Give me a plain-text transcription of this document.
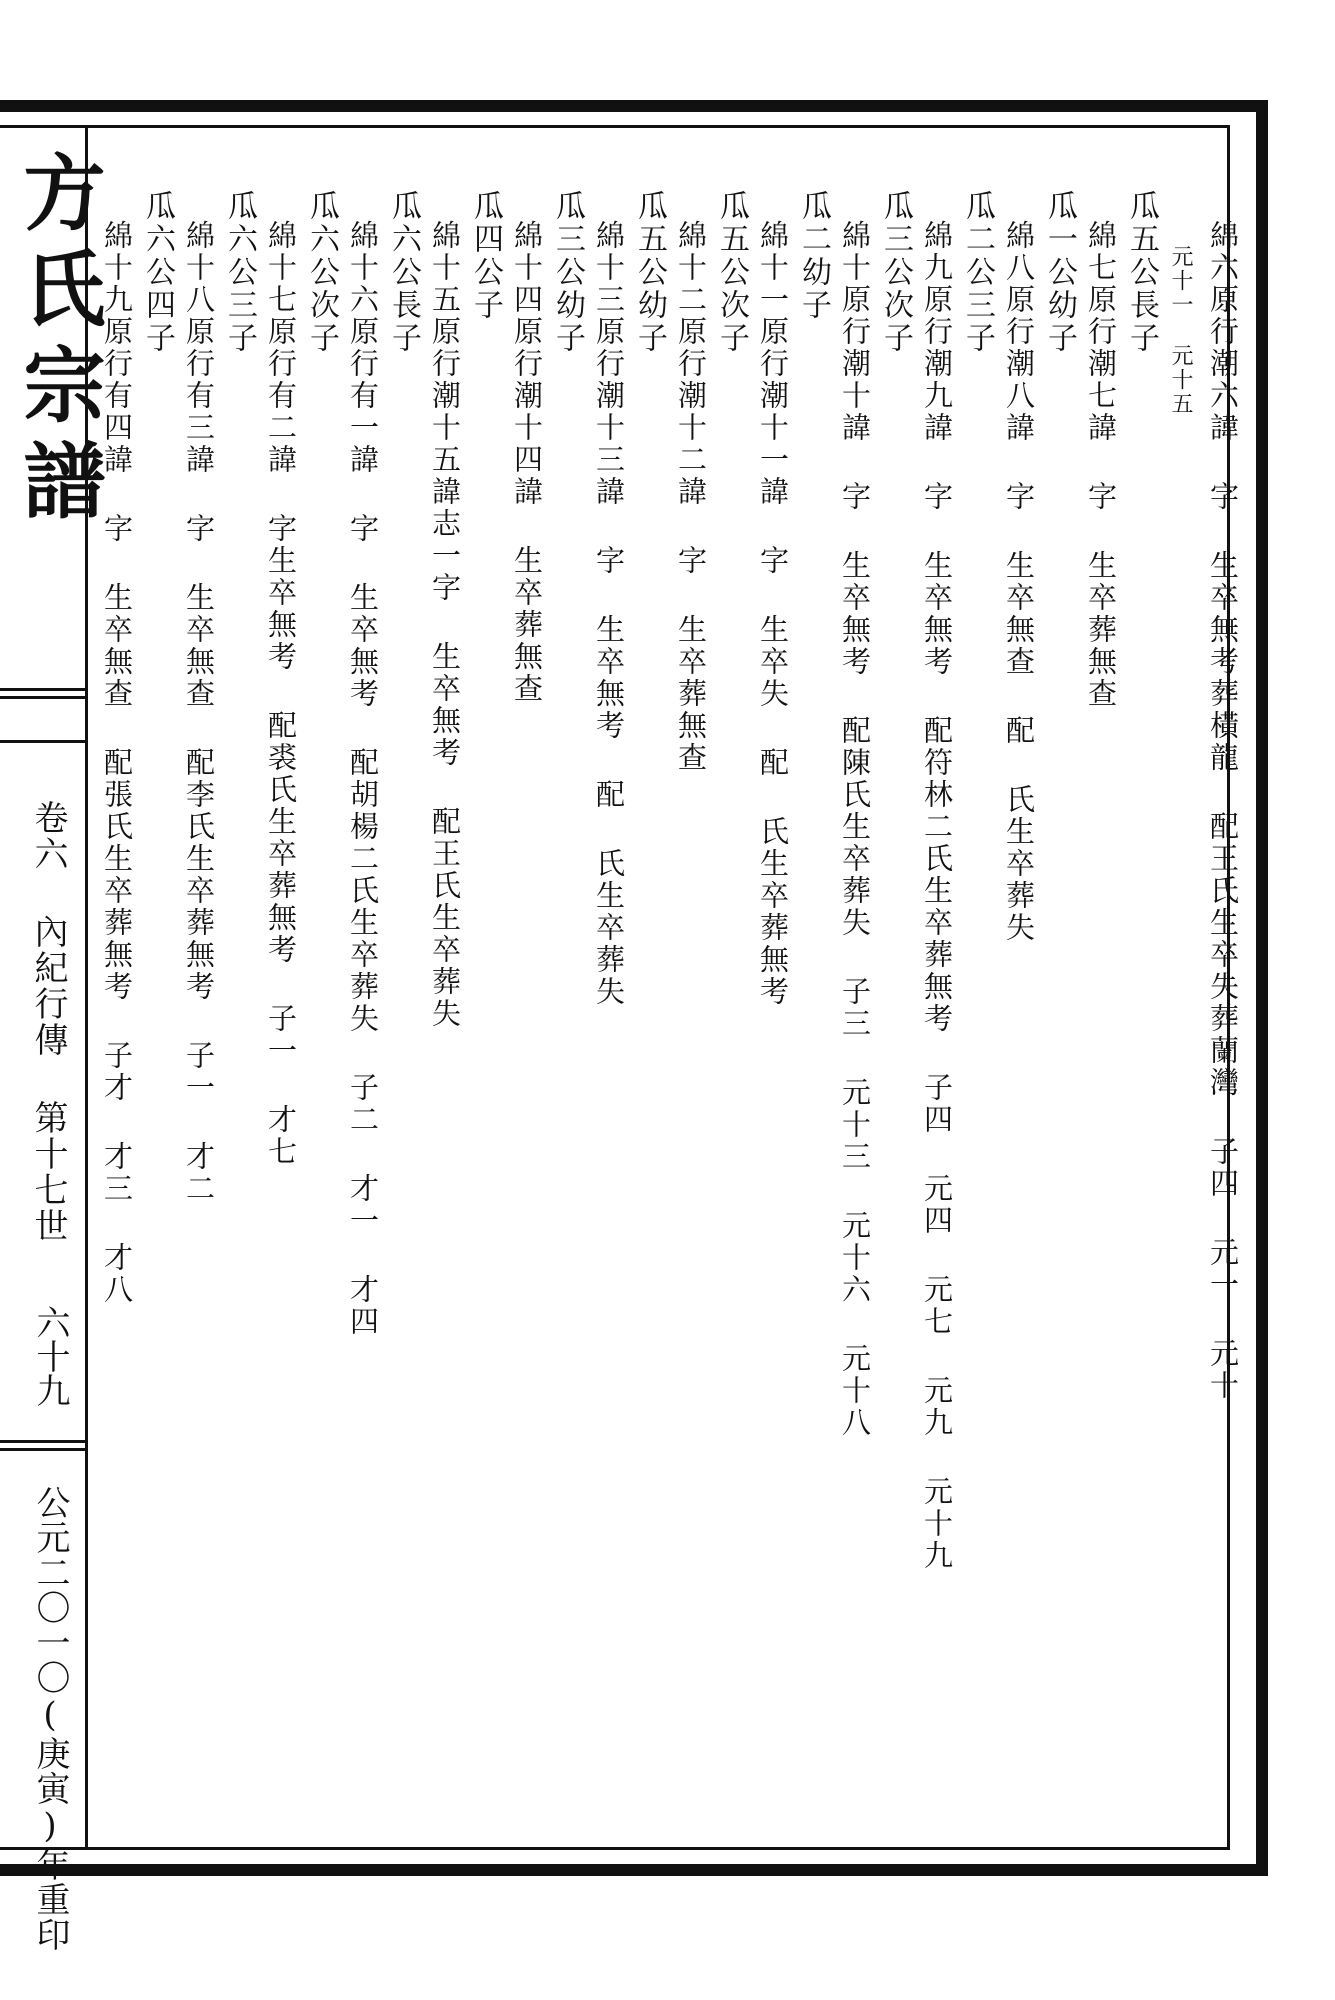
方氏宗譜
卷六 內紀行傳 第十七世
六十九
公元二〇一〇(庚寅)年重印
綿六原行潮六諱 字 生卒無考葬橫龍 配王氏生卒失葬蘭灣 子四 元一 元十
元十一 元十五
瓜五公長子
綿七原行潮七諱 字 生卒葬無查
瓜一公幼子
綿八原行潮八諱 字 生卒無查 配 氏生卒葬失
瓜二公三子
綿九原行潮九諱 字 生卒無考 配符林二氏生卒葬無考 子四 元四 元七 元九 元十九
瓜三公次子
綿十原行潮十諱 字 生卒無考 配陳氏生卒葬失 子三 元十三 元十六 元十八
瓜二幼子
綿十一原行潮十一諱 字 生卒失 配 氏生卒葬無考
瓜五公次子
綿十二原行潮十二諱 字 生卒葬無查
瓜五公幼子
綿十三原行潮十三諱 字 生卒無考 配 氏生卒葬失
瓜三公幼子
綿十四原行潮十四諱 生卒葬無查
瓜四公子
綿十五原行潮十五諱志一字 生卒無考 配王氏生卒葬失
瓜六公長子
綿十六原行有一諱 字 生卒無考 配胡楊二氏生卒葬失 子二 才一 才四
瓜六公次子
綿十七原行有二諱 字生卒無考 配裘氏生卒葬無考 子一 才七
瓜六公三子
綿十八原行有三諱 字 生卒無查 配李氏生卒葬無考 子一 才二
瓜六公四子
綿十九原行有四諱 字 生卒無查 配張氏生卒葬無考 子才 才三 才八
